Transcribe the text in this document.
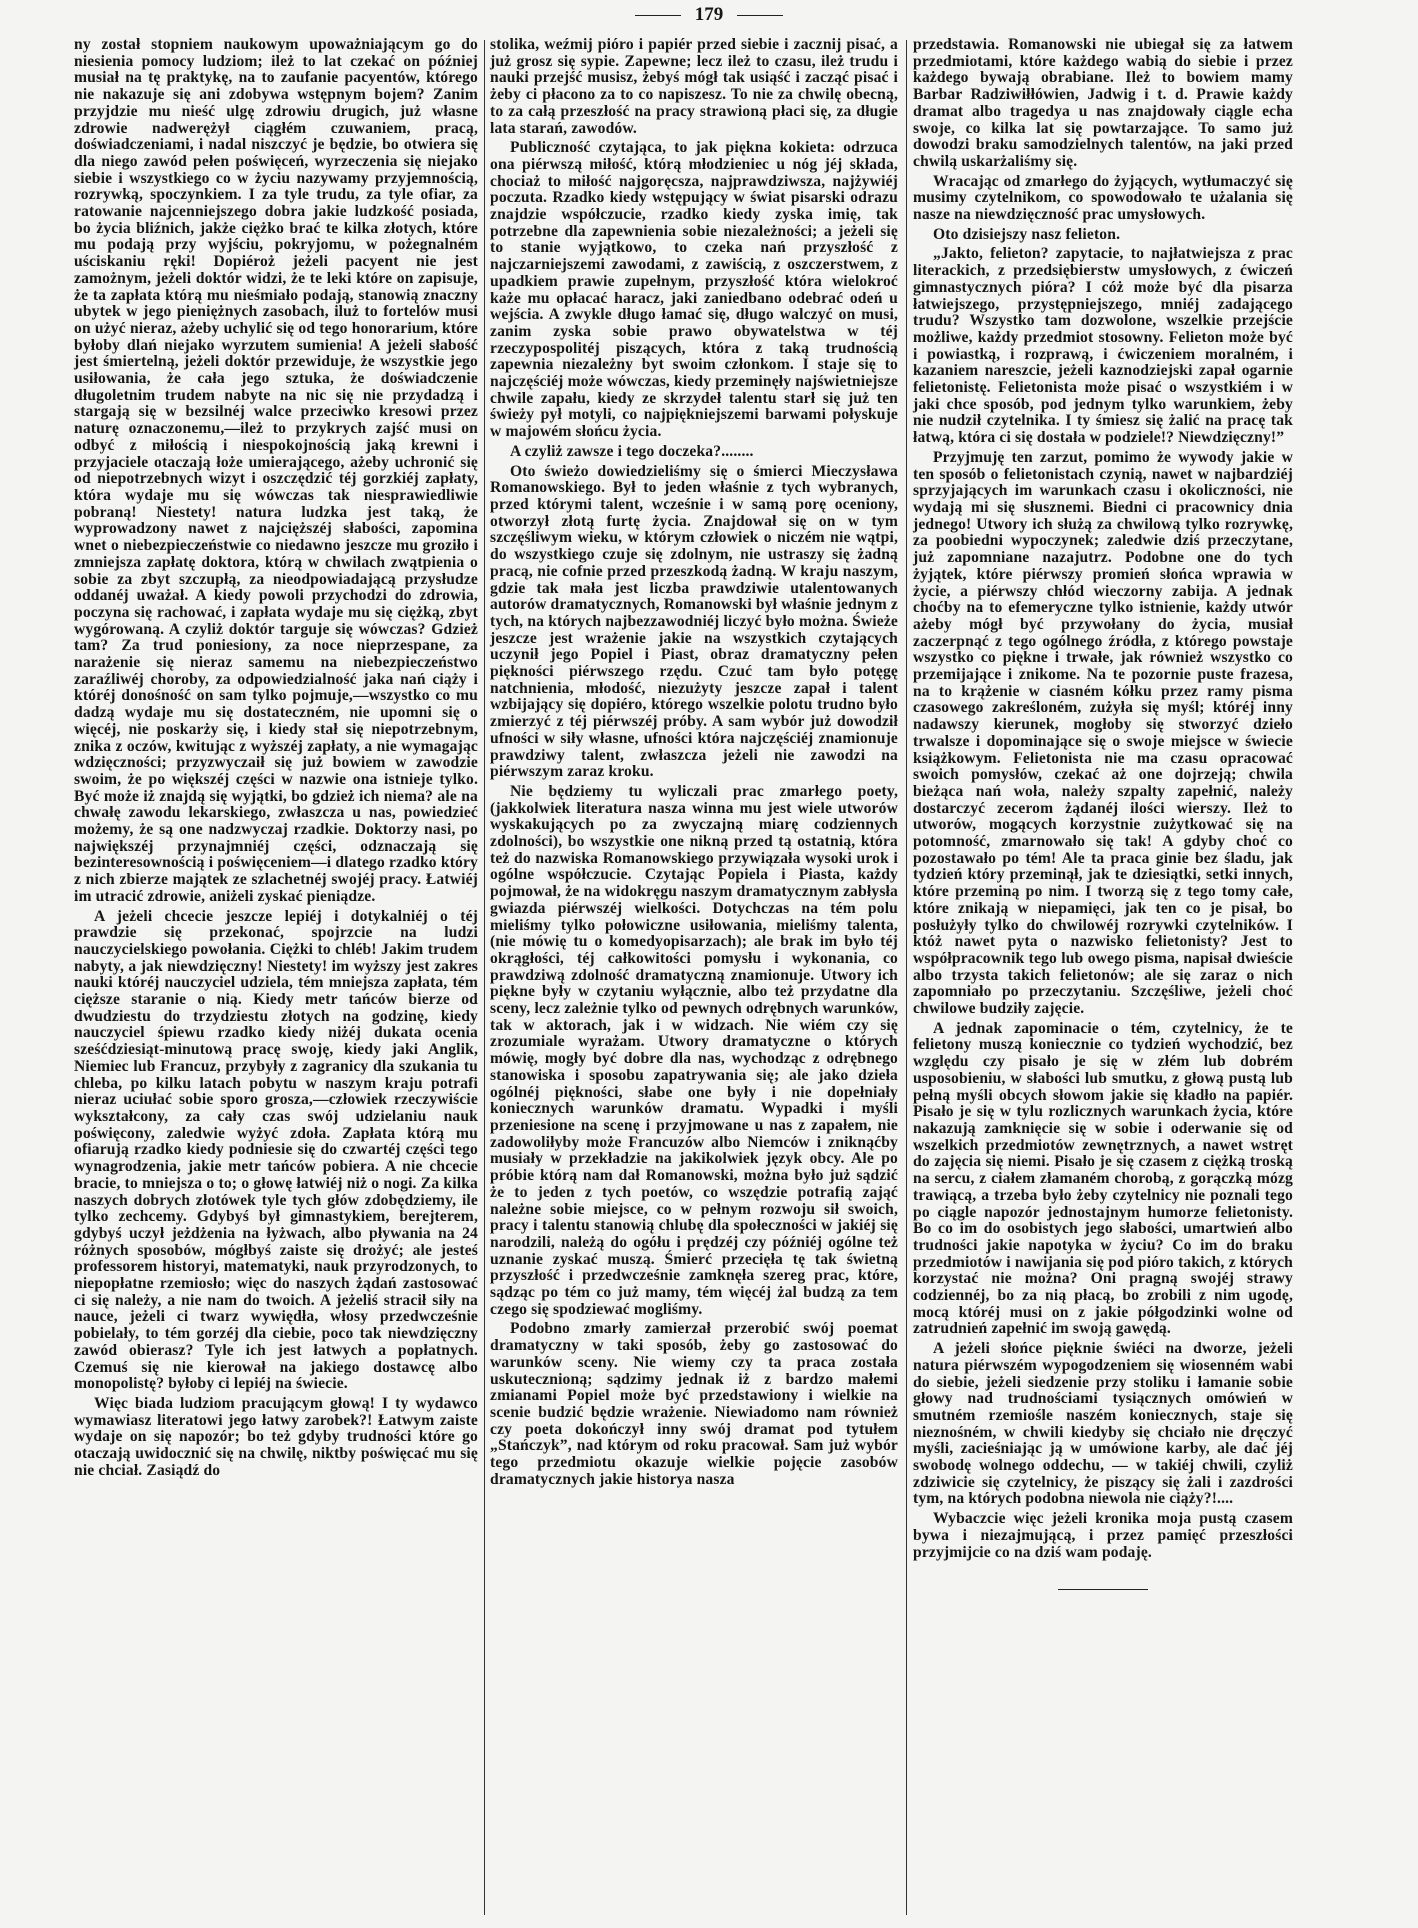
179

ny został stopniem naukowym upoważniającym go do niesienia pomocy ludziom; ileż to lat czekać on później musiał na tę praktykę, na to zaufanie pacyentów, którego nie nakazuje się ani zdobywa wstępnym bojem? Zanim przyjdzie mu nieść ulgę zdrowiu drugich, już własne zdrowie nadwerężył ciągłém czuwaniem, pracą, doświadczeniami, i nadal niszczyć je będzie, bo otwiera się dla niego zawód pełen poświęceń, wyrzeczenia się niejako siebie i wszystkiego co w życiu nazywamy przyjemnością, rozrywką, spoczynkiem. I za tyle trudu, za tyle ofiar, za ratowanie najcenniejszego dobra jakie ludzkość posiada, bo życia bliźnich, jakże ciężko brać te kilka złotych, które mu podają przy wyjściu, pokryjomu, w pożegnalném uściskaniu ręki! Dopiéroż jeżeli pacyent nie jest zamożnym, jeżeli doktór widzi, że te leki które on zapisuje, że ta zapłata którą mu nieśmiało podają, stanowią znaczny ubytek w jego pieniężnych zasobach, iluż to fortelów musi on użyć nieraz, ażeby uchylić się od tego honorarium, które byłoby dlań niejako wyrzutem sumienia! A jeżeli słabość jest śmiertelną, jeżeli doktór przewiduje, że wszystkie jego usiłowania, że cała jego sztuka, że doświadczenie długoletnim trudem nabyte na nic się nie przydadzą i stargają się w bezsilnéj walce przeciwko kresowi przez naturę oznaczonemu,—ileż to przykrych zajść musi on odbyć z miłością i niespokojnością jaką krewni i przyjaciele otaczają łoże umierającego, ażeby uchronić się od niepotrzebnych wizyt i oszczędzić téj gorzkiéj zapłaty, która wydaje mu się wówczas tak niesprawiedliwie pobraną! Niestety! natura ludzka jest taką, że wyprowadzony nawet z najcięższéj słabości, zapomina wnet o niebezpieczeństwie co niedawno jeszcze mu groziło i zmniejsza zapłatę doktora, którą w chwilach zwątpienia o sobie za zbyt szczupłą, za nieodpowiadającą przysłudze oddanéj uważał. A kiedy powoli przychodzi do zdrowia, poczyna się rachować, i zapłata wydaje mu się ciężką, zbyt wygórowaną. A czyliż doktór targuje się wówczas? Gdzież tam? Za trud poniesiony, za noce nieprzespane, za narażenie się nieraz samemu na niebezpieczeństwo zaraźliwéj choroby, za odpowiedzialność jaka nań ciąży i któréj donośność on sam tylko pojmuje,—wszystko co mu dadzą wydaje mu się dostateczném, nie upomni się o więcéj, nie poskarży się, i kiedy stał się niepotrzebnym, znika z oczów, kwitując z wyższéj zapłaty, a nie wymagając wdzięczności; przyzwyczaił się już bowiem w zawodzie swoim, że po większéj części w nazwie ona istnieje tylko. Być może iż znajdą się wyjątki, bo gdzież ich niema? ale na chwałę zawodu lekarskiego, zwłaszcza u nas, powiedzieć możemy, że są one nadzwyczaj rzadkie. Doktorzy nasi, po największéj przynajmniéj części, odznaczają się bezinteresownością i poświęceniem—i dlatego rzadko który z nich zbierze majątek ze szlachetnéj swojéj pracy. Łatwiéj im utracić zdrowie, aniżeli zyskać pieniądze.

A jeżeli chcecie jeszcze lepiéj i dotykalniéj o téj prawdzie się przekonać, spojrzcie na ludzi nauczycielskiego powołania. Ciężki to chléb! Jakim trudem nabyty, a jak niewdzięczny! Niestety! im wyższy jest zakres nauki któréj nauczyciel udziela, tém mniejsza zapłata, tém cięższe staranie o nią. Kiedy metr tańców bierze od dwudziestu do trzydziestu złotych na godzinę, kiedy nauczyciel śpiewu rzadko kiedy niżéj dukata ocenia sześćdziesiąt-minutową pracę swoję, kiedy jaki Anglik, Niemiec lub Francuz, przybyły z zagranicy dla szukania tu chleba, po kilku latach pobytu w naszym kraju potrafi nieraz uciułać sobie sporo grosza,—człowiek rzeczywiście wykształcony, za cały czas swój udzielaniu nauk poświęcony, zaledwie wyżyć zdoła. Zapłata którą mu ofiarują rzadko kiedy podniesie się do czwartéj części tego wynagrodzenia, jakie metr tańców pobiera. A nie chcecie bracie, to mniejsza o to; o głowę łatwiéj niż o nogi. Za kilka naszych dobrych złotówek tyle tych głów zdobędziemy, ile tylko zechcemy. Gdybyś był gimnastykiem, berejterem, gdybyś uczył jeżdżenia na łyżwach, albo pływania na 24 różnych sposobów, mógłbyś zaiste się drożyć; ale jesteś professorem historyi, matematyki, nauk przyrodzonych, to niepopłatne rzemiosło; więc do naszych żądań zastosować ci się należy, a nie nam do twoich. A jeżeliś stracił siły na nauce, jeżeli ci twarz wywiędła, włosy przedwcześnie pobielały, to tém gorzéj dla ciebie, poco tak niewdzięczny zawód obierasz? Tyle ich jest łatwych a popłatnych. Czemuś się nie kierował na jakiego dostawcę albo monopolistę? byłoby ci lepiéj na świecie.

Więc biada ludziom pracującym głową! I ty wydawco wymawiasz literatowi jego łatwy zarobek?! Łatwym zaiste wydaje on się napozór; bo też gdyby trudności które go otaczają uwidocznić się na chwilę, niktby poświęcać mu się nie chciał. Zasiądź do

stolika, weźmij pióro i papiér przed siebie i zacznij pisać, a już grosz się sypie. Zapewne; lecz ileż to czasu, ileż trudu i nauki przejść musisz, żebyś mógł tak usiąść i zacząć pisać i żeby ci płacono za to co napiszesz. To nie za chwilę obecną, to za całą przeszłość na pracy strawioną płaci się, za długie lata starań, zawodów.

Publiczność czytająca, to jak piękna kokieta: odrzuca ona piérwszą miłość, którą młodzieniec u nóg jéj składa, chociaż to miłość najgoręcsza, najprawdziwsza, najżywiéj poczuta. Rzadko kiedy wstępujący w świat pisarski odrazu znajdzie współczucie, rzadko kiedy zyska imię, tak potrzebne dla zapewnienia sobie niezależności; a jeżeli się to stanie wyjątkowo, to czeka nań przyszłość z najczarniejszemi zawodami, z zawiścią, z oszczerstwem, z upadkiem prawie zupełnym, przyszłość która wielokroć każe mu opłacać haracz, jaki zaniedbano odebrać odeń u wejścia. A zwykle długo łamać się, długo walczyć on musi, zanim zyska sobie prawo obywatelstwa w téj rzeczypospolitéj piszących, która z taką trudnością zapewnia niezależny byt swoim członkom. I staje się to najczęściéj może wówczas, kiedy przeminęły najświetniejsze chwile zapału, kiedy ze skrzydeł talentu starł się już ten świeży pył motyli, co najpiękniejszemi barwami połyskuje w majowém słońcu życia.

A czyliż zawsze i tego doczeka?........

Oto świeżo dowiedzieliśmy się o śmierci Mieczysława Romanowskiego. Był to jeden właśnie z tych wybranych, przed którymi talent, wcześnie i w samą porę oceniony, otworzył złotą furtę życia. Znajdował się on w tym szczęśliwym wieku, w którym człowiek o niczém nie wątpi, do wszystkiego czuje się zdolnym, nie ustraszy się żadną pracą, nie cofnie przed przeszkodą żadną. W kraju naszym, gdzie tak mała jest liczba prawdziwie utalentowanych autorów dramatycznych, Romanowski był właśnie jednym z tych, na których najbezzawodniéj liczyć było można. Świeże jeszcze jest wrażenie jakie na wszystkich czytających uczynił jego Popiel i Piast, obraz dramatyczny pełen piękności piérwszego rzędu. Czuć tam było potęgę natchnienia, młodość, niezużyty jeszcze zapał i talent wzbijający się dopiéro, którego wszelkie polotu trudno było zmierzyć z téj piérwszéj próby. A sam wybór już dowodził ufności w siły własne, ufności która najczęściéj znamionuje prawdziwy talent, zwłaszcza jeżeli nie zawodzi na piérwszym zaraz kroku.

Nie będziemy tu wyliczali prac zmarłego poety, (jakkolwiek literatura nasza winna mu jest wiele utworów wyskakujących po za zwyczajną miarę codziennych zdolności), bo wszystkie one nikną przed tą ostatnią, która też do nazwiska Romanowskiego przywiązała wysoki urok i ogólne współczucie. Czytając Popiela i Piasta, każdy pojmował, że na widokręgu naszym dramatycznym zabłysła gwiazda piérwszéj wielkości. Dotychczas na tém polu mieliśmy tylko połowiczne usiłowania, mieliśmy talenta, (nie mówię tu o komedyopisarzach); ale brak im było téj okrągłości, téj całkowitości pomysłu i wykonania, co prawdziwą zdolność dramatyczną znamionuje. Utwory ich piękne były w czytaniu wyłącznie, albo też przydatne dla sceny, lecz zależnie tylko od pewnych odrębnych warunków, tak w aktorach, jak i w widzach. Nie wiém czy się zrozumiale wyrażam. Utwory dramatyczne o których mówię, mogły być dobre dla nas, wychodząc z odrębnego stanowiska i sposobu zapatrywania się; ale jako dzieła ogólnéj piękności, słabe one były i nie dopełniały koniecznych warunków dramatu. Wypadki i myśli przeniesione na scenę i przyjmowane u nas z zapałem, nie zadowoliłyby może Francuzów albo Niemców i zniknąćby musiały w przekładzie na jakikolwiek język obcy. Ale po próbie którą nam dał Romanowski, można było już sądzić że to jeden z tych poetów, co wszędzie potrafią zająć należne sobie miejsce, co w pełnym rozwoju sił swoich, pracy i talentu stanowią chlubę dla społeczności w jakiéj się narodzili, należą do ogółu i prędzéj czy późniéj ogólne też uznanie zyskać muszą. Śmierć przecięła tę tak świetną przyszłość i przedwcześnie zamknęła szereg prac, które, sądząc po tém co już mamy, tém więcéj żal budzą za tem czego się spodziewać mogliśmy.

Podobno zmarły zamierzał przerobić swój poemat dramatyczny w taki sposób, żeby go zastosować do warunków sceny. Nie wiemy czy ta praca została uskutecznioną; sądzimy jednak iż z bardzo małemi zmianami Popiel może być przedstawiony i wielkie na scenie budzić będzie wrażenie. Niewiadomo nam również czy poeta dokończył inny swój dramat pod tytułem „Stańczyk”, nad którym od roku pracował. Sam już wybór tego przedmiotu okazuje wielkie pojęcie zasobów dramatycznych jakie historya nasza

przedstawia. Romanowski nie ubiegał się za łatwem przedmiotami, które każdego wabią do siebie i przez każdego bywają obrabiane. Ileż to bowiem mamy Barbar Radziwiłłówien, Jadwig i t. d. Prawie każdy dramat albo tragedya u nas znajdowały ciągle echa swoje, co kilka lat się powtarzające. To samo już dowodzi braku samodzielnych talentów, na jaki przed chwilą uskarżaliśmy się.

Wracając od zmarłego do żyjących, wytłumaczyć się musimy czytelnikom, co spowodowało te użalania się nasze na niewdzięczność prac umysłowych.

Oto dzisiejszy nasz felieton.

„Jakto, felieton? zapytacie, to najłatwiejsza z prac literackich, z przedsiębierstw umysłowych, z ćwiczeń gimnastycznych pióra? I cóż może być dla pisarza łatwiejszego, przystępniejszego, mniéj zadającego trudu? Wszystko tam dozwolone, wszelkie przejście możliwe, każdy przedmiot stosowny. Felieton może być i powiastką, i rozprawą, i ćwiczeniem moralném, i kazaniem nareszcie, jeżeli kaznodziejski zapał ogarnie felietonistę. Felietonista może pisać o wszystkiém i w jaki chce sposób, pod jednym tylko warunkiem, żeby nie nudził czytelnika. I ty śmiesz się żalić na pracę tak łatwą, która ci się dostała w podziele!? Niewdzięczny!”

Przyjmuję ten zarzut, pomimo że wywody jakie w ten sposób o felietonistach czynią, nawet w najbardziéj sprzyjających im warunkach czasu i okoliczności, nie wydają mi się słusznemi. Biedni ci pracownicy dnia jednego! Utwory ich służą za chwilową tylko rozrywkę, za poobiedni wypoczynek; zaledwie dziś przeczytane, już zapomniane nazajutrz. Podobne one do tych żyjątek, które piérwszy promień słońca wprawia w życie, a piérwszy chłód wieczorny zabija. A jednak choćby na to efemeryczne tylko istnienie, każdy utwór ażeby mógł być przywołany do życia, musiał zaczerpnąć z tego ogólnego źródła, z którego powstaje wszystko co piękne i trwałe, jak również wszystko co przemijające i znikome. Na te pozornie puste frazesa, na to krążenie w ciasném kółku przez ramy pisma czasowego zakreśloném, zużyła się myśl; któréj inny nadawszy kierunek, mogłoby się stworzyć dzieło trwalsze i dopominające się o swoje miejsce w świecie książkowym. Felietonista nie ma czasu opracować swoich pomysłów, czekać aż one dojrzeją; chwila bieżąca nań woła, należy szpalty zapełnić, należy dostarczyć zecerom żądanéj ilości wierszy. Ileż to utworów, mogących korzystnie zużytkować się na potomność, zmarnowało się tak! A gdyby choć co pozostawało po tém! Ale ta praca ginie bez śladu, jak tydzień który przeminął, jak te dziesiątki, setki innych, które przeminą po nim. I tworzą się z tego tomy całe, które znikają w niepamięci, jak ten co je pisał, bo posłużyły tylko do chwilowéj rozrywki czytelników. I któż nawet pyta o nazwisko felietonisty? Jest to współpracownik tego lub owego pisma, napisał dwieście albo trzysta takich felietonów; ale się zaraz o nich zapomniało po przeczytaniu. Szczęśliwe, jeżeli choć chwilowe budziły zajęcie.

A jednak zapominacie o tém, czytelnicy, że te felietony muszą koniecznie co tydzień wychodzić, bez względu czy pisało je się w złém lub dobrém usposobieniu, w słabości lub smutku, z głową pustą lub pełną myśli obcych słowom jakie się kładło na papiér. Pisało je się w tylu rozlicznych warunkach życia, które nakazują zamknięcie się w sobie i oderwanie się od wszelkich przedmiotów zewnętrznych, a nawet wstręt do zajęcia się niemi. Pisało je się czasem z ciężką troską na sercu, z ciałem złamaném chorobą, z gorączką mózg trawiącą, a trzeba było żeby czytelnicy nie poznali tego po ciągle napozór jednostajnym humorze felietonisty. Bo co im do osobistych jego słabości, umartwień albo trudności jakie napotyka w życiu? Co im do braku przedmiotów i nawijania się pod pióro takich, z których korzystać nie można? Oni pragną swojéj strawy codziennéj, bo za nią płacą, bo zrobili z nim ugodę, mocą któréj musi on z jakie półgodzinki wolne od zatrudnień zapełnić im swoją gawędą.

A jeżeli słońce pięknie świéci na dworze, jeżeli natura piérwszém wypogodzeniem się wiosenném wabi do siebie, jeżeli siedzenie przy stoliku i łamanie sobie głowy nad trudnościami tysiącznych omówień w smutném rzemiośle naszém koniecznych, staje się nieznośném, w chwili kiedyby się chciało nie dręczyć myśli, zacieśniając ją w umówione karby, ale dać jéj swobodę wolnego oddechu, — w takiéj chwili, czyliż zdziwicie się czytelnicy, że piszący się żali i zazdrości tym, na których podobna niewola nie ciąży?!....

Wybaczcie więc jeżeli kronika moja pustą czasem bywa i niezajmującą, i przez pamięć przeszłości przyjmijcie co na dziś wam podaję.
